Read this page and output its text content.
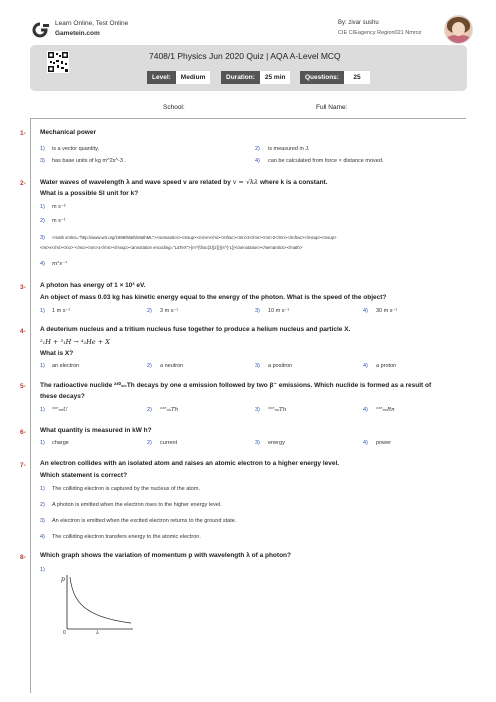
Learn Online, Test Online
Gametein.com
By: zivar sushu
CIE CIEagency Region021 Nmroz
7408/1 Physics Jun 2020 Quiz | AQA A-Level MCQ
Level: Medium	Duration: 25 min	Questions: 25
School:	Full Name:
1- Mechanical power
1) is a vector quantity.	2) is measured in J.
3) has base units of kg m^2s^-3 .	4) can be calculated from force × distance moved.
2- Water waves of wavelength λ and wave speed v are related by v = √kλ where k is a constant.
What is a possible SI unit for k?
1) m s⁻²
2) m s⁻¹
3) <math xmlns="http://www.w3.org/1998/Math/MathML"><semantics><msup><mi>m</mi><mfrac><mn>3</mn><mn>2</mn></mfrac></msup><msup>
<mi>s</mi><mo>-</mo><mn>1</mn></msup><annotation encoding="LaTeX">{m^{\frac{3}{2}}}{s^{-1}}</annotation></semantics></math>
4) m²s⁻¹
3- A photon has energy of 1 × 10³ eV.
An object of mass 0.03 kg has kinetic energy equal to the energy of the photon. What is the speed of the object?
1) 1 m s⁻¹	2) 3 m s⁻¹	3) 10 m s⁻¹	4) 30 m s⁻¹
4- A deuterium nucleus and a tritium nucleus fuse together to produce a helium nucleus and particle X.
²₁H + ³₁H → ⁴₂He + X
What is X?
1) an electron	2) a neutron	3) a positron	4) a proton
5- The radioactive nuclide ²³⁰₉₀Th decays by one α emission followed by two β⁻ emissions. Which nuclide is formed as a result of
these decays?
1) ²²⁶₈₈U	2) ²²⁶₉₀Th	3) ²²⁶₉₀Th	4) ²²⁶₈₆Rn
6- What quantity is measured in kW h?
1) charge	2) current	3) energy	4) power
7- An electron collides with an isolated atom and raises an atomic electron to a higher energy level.
Which statement is correct?
1) The colliding electron is captured by the nucleus of the atom.
2) A photon is emitted when the electron rises to the higher energy level.
3) An electron is emitted when the excited electron returns to the ground state.
4) The colliding electron transfers energy to the atomic electron.
8- Which graph shows the variation of momentum p with wavelength λ of a photon?
1)
p
0	λ
